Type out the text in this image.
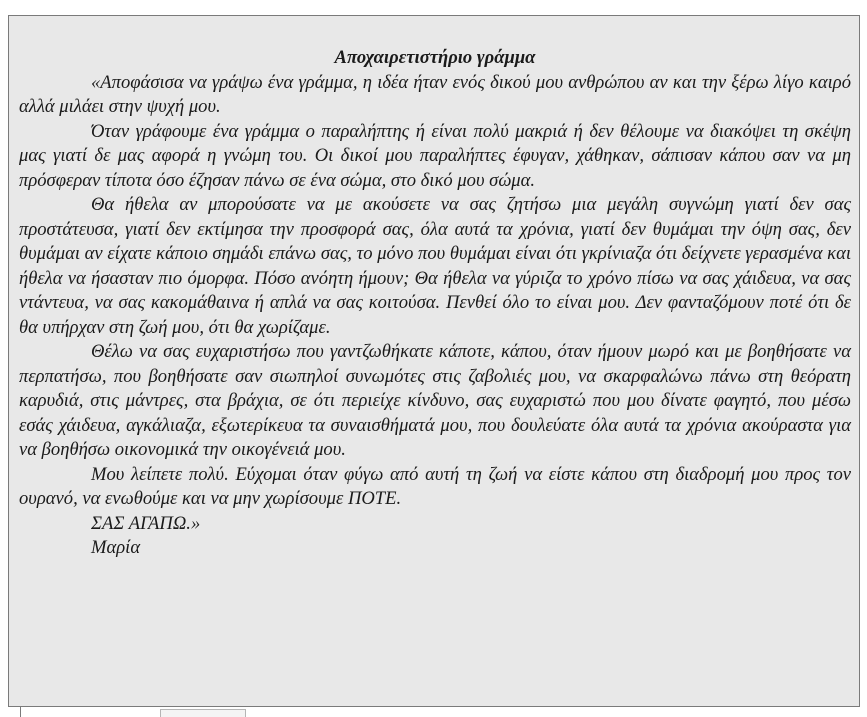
Αποχαιρετιστήριο γράμμα

«Αποφάσισα να γράψω ένα γράμμα, η ιδέα ήταν ενός δικού μου ανθρώπου αν και την ξέρω λίγο καιρό αλλά μιλάει στην ψυχή μου.

Όταν γράφουμε ένα γράμμα ο παραλήπτης ή είναι πολύ μακριά ή δεν θέλουμε να διακόψει τη σκέψη μας γιατί δε μας αφορά η γνώμη του. Οι δικοί μου παραλήπτες έφυγαν, χάθηκαν, σάπισαν κάπου σαν να μη πρόσφεραν τίποτα όσο έζησαν πάνω σε ένα σώμα, στο δικό μου σώμα.

Θα ήθελα αν μπορούσατε να με ακούσετε να σας ζητήσω μια μεγάλη συγνώμη γιατί δεν σας προστάτευσα, γιατί δεν εκτίμησα την προσφορά σας, όλα αυτά τα χρόνια, γιατί δεν θυμάμαι την όψη σας, δεν θυμάμαι αν είχατε κάποιο σημάδι επάνω σας, το μόνο που θυμάμαι είναι ότι γκρίνιαζα ότι δείχνετε γερασμένα και ήθελα να ήσασταν πιο όμορφα. Πόσο ανόητη ήμουν; Θα ήθελα να γύριζα το χρόνο πίσω να σας χάιδευα, να σας ντάντευα, να σας κακομάθαινα ή απλά να σας κοιτούσα. Πενθεί όλο το είναι μου. Δεν φανταζόμουν ποτέ ότι δε θα υπήρχαν στη ζωή μου, ότι θα χωρίζαμε.

Θέλω να σας ευχαριστήσω που γαντζωθήκατε κάποτε, κάπου, όταν ήμουν μωρό και με βοηθήσατε να περπατήσω, που βοηθήσατε σαν σιωπηλοί συνωμότες στις ζαβολιές μου, να σκαρφαλώνω πάνω στη θεόρατη καρυδιά, στις μάντρες, στα βράχια, σε ότι περιείχε κίνδυνο, σας ευχαριστώ που μου δίνατε φαγητό, που μέσω εσάς χάιδευα, αγκάλιαζα, εξωτερίκευα τα συναισθήματά μου, που δουλεύατε όλα αυτά τα χρόνια ακούραστα για να βοηθήσω οικονομικά την οικογένειά μου.

Μου λείπετε πολύ. Εύχομαι όταν φύγω από αυτή τη ζωή να είστε κάπου στη διαδρομή μου προς τον ουρανό, να ενωθούμε και να μην χωρίσουμε ΠΟΤΕ.

ΣΑΣ ΑΓΑΠΩ.»

Μαρία
